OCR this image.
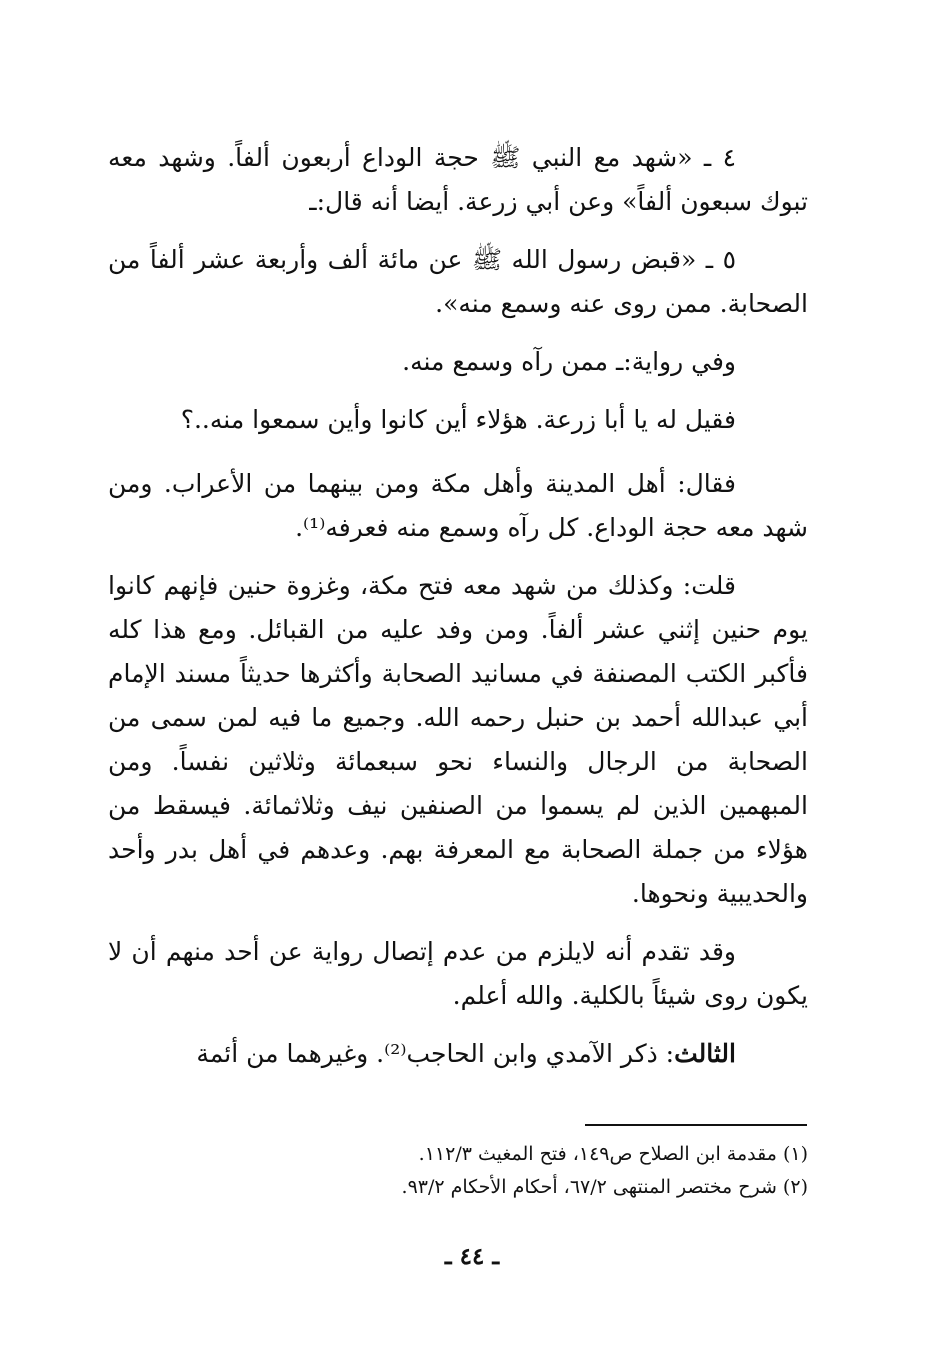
٤ ـ «شهد مع النبي ﷺ حجة الوداع أربعون ألفاً. وشهد معه تبوك سبعون ألفاً» وعن أبي زرعة. أيضا أنه قال:ـ

٥ ـ «قبض رسول الله ﷺ عن مائة ألف وأربعة عشر ألفاً من الصحابة. ممن روى عنه وسمع منه».

وفي رواية:ـ ممن رآه وسمع منه.

فقيل له يا أبا زرعة. هؤلاء أين كانوا وأين سمعوا منه..؟

فقال: أهل المدينة وأهل مكة ومن بينهما من الأعراب. ومن شهد معه حجة الوداع. كل رآه وسمع منه فعرفه⁽¹⁾.

قلت: وكذلك من شهد معه فتح مكة، وغزوة حنين فإنهم كانوا يوم حنين إثني عشر ألفاً. ومن وفد عليه من القبائل. ومع هذا كله فأكبر الكتب المصنفة في مسانيد الصحابة وأكثرها حديثاً مسند الإمام أبي عبدالله أحمد بن حنبل رحمه الله. وجميع ما فيه لمن سمى من الصحابة من الرجال والنساء نحو سبعمائة وثلاثين نفساً. ومن المبهمين الذين لم يسموا من الصنفين نيف وثلاثمائة. فيسقط من هؤلاء من جملة الصحابة مع المعرفة بهم. وعدهم في أهل بدر وأحد والحديبية ونحوها.

وقد تقدم أنه لايلزم من عدم إتصال رواية عن أحد منهم أن لا يكون روى شيئاً بالكلية. والله أعلم.

الثالث: ذكر الآمدي وابن الحاجب⁽²⁾. وغيرهما من أئمة

(١) مقدمة ابن الصلاح ص١٤٩، فتح المغيث ١١٢/٣.

(٢) شرح مختصر المنتهى ٦٧/٢، أحكام الأحكام ٩٣/٢.

ـ ٤٤ ـ
